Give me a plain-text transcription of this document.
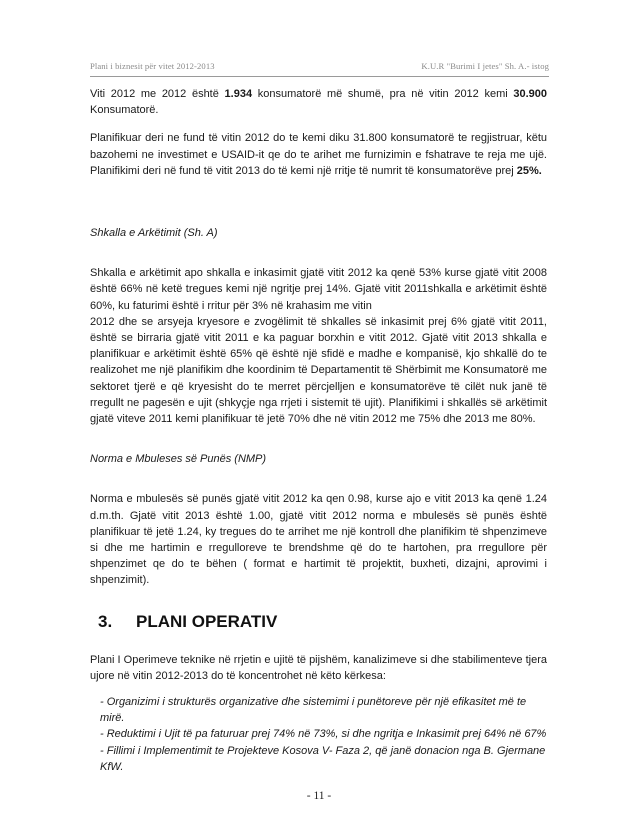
Plani i biznesit për vitet 2012-2013	K.U.R "Burimi I jetes" Sh. A.- istog

Viti 2012 me 2012 është 1.934 konsumatorë më shumë, pra në vitin 2012 kemi 30.900 Konsumatorë.

Planifikuar deri ne fund të vitin 2012 do te kemi diku 31.800 konsumatorë te regjistruar, këtu bazohemi ne investimet e USAID-it qe do te arihet me furnizimin e fshatrave te reja me ujë. Planifikimi deri në fund të vitit 2013 do të kemi një rritje të numrit të konsumatorëve prej 25%.

Shkalla e Arkëtimit (Sh. A)

Shkalla e arkëtimit apo shkalla e inkasimit gjatë vitit 2012 ka qenë 53% kurse gjatë vitit 2008 është 66% në ketë tregues kemi një ngritje prej 14%. Gjatë vitit 2011shkalla e arkëtimit është 60%, ku faturimi është i rritur për 3% në krahasim me vitin

2012 dhe se arsyeja kryesore e zvogëlimit të shkalles së inkasimit prej 6% gjatë vitit 2011, është se birraria gjatë vitit 2011 e ka paguar borxhin e vitit 2012. Gjatë vitit 2013 shkalla e planifikuar e arkëtimit është 65% që është një sfidë e madhe e kompanisë, kjo shkallë do te realizohet me një planifikim dhe koordinim të Departamentit të Shërbimit me Konsumatorë me sektoret tjerë e që kryesisht do te merret përcjelljen e konsumatorëve të cilët nuk janë të rregullt ne pagesën e ujit (shkyçje nga rrjeti i sistemit të ujit). Planifikimi i shkallës së arkëtimit gjatë viteve 2011 kemi planifikuar të jetë 70% dhe në vitin 2012 me 75% dhe 2013 me 80%.

Norma e Mbuleses së Punës (NMP)

Norma e mbulesës së punës gjatë vitit 2012 ka qen 0.98, kurse ajo e vitit 2013 ka qenë 1.24 d.m.th. Gjatë vitit 2013 është 1.00, gjatë vitit 2012 norma e mbulesës së punës është planifikuar të jetë 1.24, ky tregues do te arrihet me një kontroll dhe planifikim të shpenzimeve si dhe me hartimin e rregulloreve te brendshme që do te hartohen, pra rregullore për shpenzimet qe do te bëhen ( format e hartimit të projektit, buxheti, dizajni, aprovimi i shpenzimit).

3. PLANI OPERATIV

Plani I Operimeve teknike në rrjetin e ujitë të pijshëm, kanalizimeve si dhe stabilimenteve tjera ujore në vitin 2012-2013 do të koncentrohet në këto kërkesa:

- Organizimi i strukturës organizative dhe sistemimi i punëtoreve për një efikasitet më te mirë.
- Reduktimi i Ujit të pa faturuar prej 74% në 73%, si dhe ngritja e Inkasimit prej 64% në 67%
- Fillimi i Implementimit te Projekteve Kosova V- Faza 2, që janë donacion nga B. Gjermane KfW.
- 11 -
